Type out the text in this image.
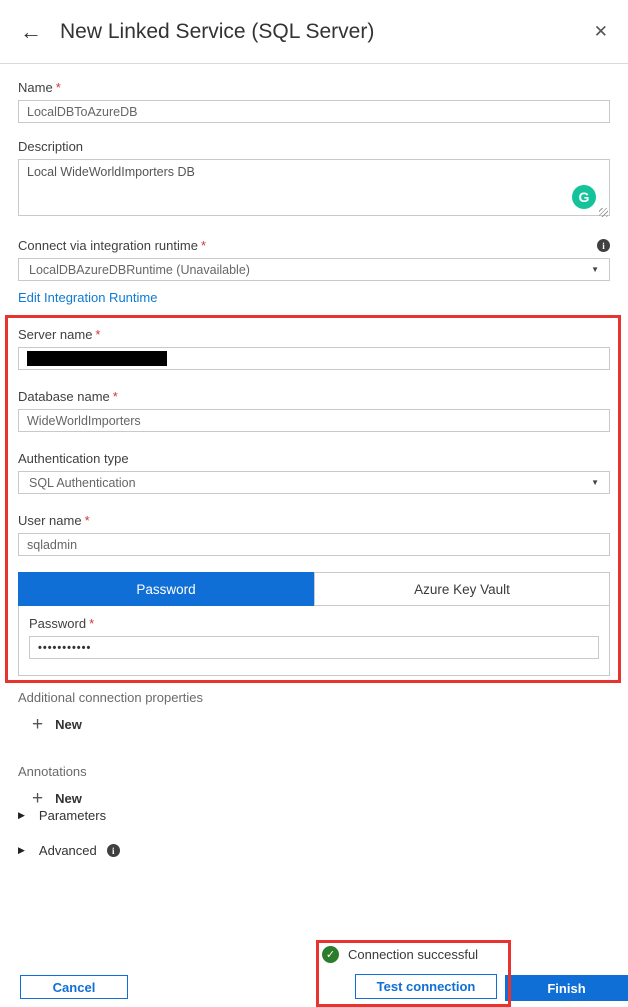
← New Linked Service (SQL Server)	✕
Name *
LocalDBToAzureDB
Description
Local WideWorldImporters DB
G
Connect via integration runtime *	i
LocalDBAzureDBRuntime (Unavailable)	▼
Edit Integration Runtime
Server name *
Database name *
WideWorldImporters
Authentication type
SQL Authentication	▼
User name *
sqladmin
Password	Azure Key Vault
Password *
•••••••••••
Additional connection properties
+ New
Annotations
+ New
▶ Parameters
▶ Advanced	i
Cancel
✓ Connection successful
Test connection	Finish
